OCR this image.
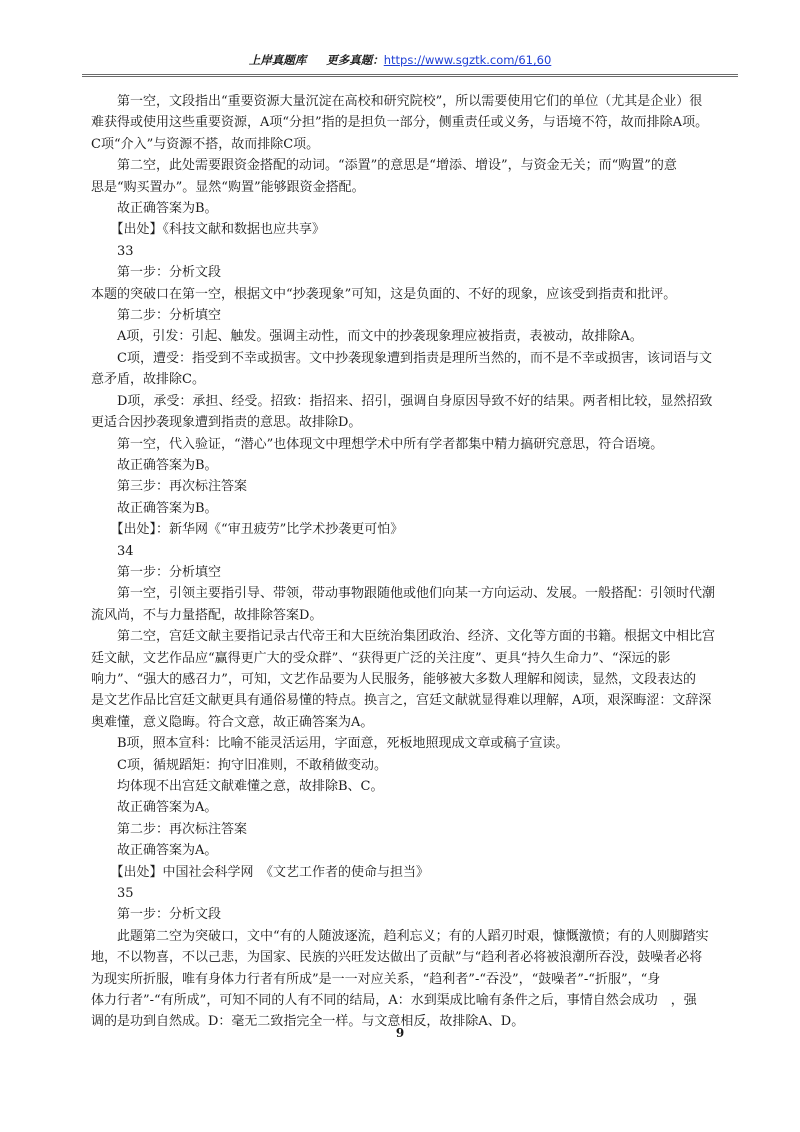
上岸真题库 更多真题：https://www.sgztk.com/61,60
　　第一空，文段指出“重要资源大量沉淀在高校和研究院校”，所以需要使用它们的单位（尤其是企业）很
难获得或使用这些重要资源，A项“分担”指的是担负一部分，侧重责任或义务，与语境不符，故而排除A项。
C项“介入”与资源不搭，故而排除C项。
　　第二空，此处需要跟资金搭配的动词。“添置”的意思是“增添、增设”，与资金无关；而“购置”的意
思是“购买置办”。显然“购置”能够跟资金搭配。
　　故正确答案为B。
　　【出处】《科技文献和数据也应共享》
　　33
　　第一步：分析文段
本题的突破口在第一空，根据文中“抄袭现象”可知，这是负面的、不好的现象，应该受到指责和批评。
　　第二步：分析填空
　　A项，引发：引起、触发。强调主动性，而文中的抄袭现象理应被指责，表被动，故排除A。
　　C项，遭受：指受到不幸或损害。文中抄袭现象遭到指责是理所当然的，而不是不幸或损害，该词语与文
意矛盾，故排除C。
　　D项，承受：承担、经受。招致：指招来、招引，强调自身原因导致不好的结果。两者相比较，显然招致
更适合因抄袭现象遭到指责的意思。故排除D。
　　第一空，代入验证，“潜心”也体现文中理想学术中所有学者都集中精力搞研究意思，符合语境。
　　故正确答案为B。
　　第三步：再次标注答案
　　故正确答案为B。
　　【出处】：新华网《“审丑疲劳”比学术抄袭更可怕》
　　34
　　第一步：分析填空
　　第一空，引领主要指引导、带领，带动事物跟随他或他们向某一方向运动、发展。一般搭配：引领时代潮
流风尚，不与力量搭配，故排除答案D。
　　第二空，宫廷文献主要指记录古代帝王和大臣统治集团政治、经济、文化等方面的书籍。根据文中相比宫
廷文献，文艺作品应“赢得更广大的受众群”、“获得更广泛的关注度”、更具“持久生命力”、“深远的影
响力”、“强大的感召力”，可知，文艺作品要为人民服务，能够被大多数人理解和阅读，显然，文段表达的
是文艺作品比宫廷文献更具有通俗易懂的特点。换言之，宫廷文献就显得难以理解，A项，艰深晦涩：文辞深
奥难懂，意义隐晦。符合文意，故正确答案为A。
　　B项，照本宣科：比喻不能灵活运用，字面意，死板地照现成文章或稿子宣读。
　　C项，循规蹈矩：拘守旧准则，不敢稍做变动。
　　均体现不出宫廷文献难懂之意，故排除B、C。
　　故正确答案为A。
　　第二步：再次标注答案
　　故正确答案为A。
　　【出处】中国社会科学网　《文艺工作者的使命与担当》
　　35
　　第一步：分析文段
　　此题第二空为突破口，文中“有的人随波逐流，趋利忘义；有的人蹈刃时艰，慷慨激愤；有的人则脚踏实
地，不以物喜，不以己悲，为国家、民族的兴旺发达做出了贡献”与“趋利者必将被浪潮所吞没，鼓噪者必将
为现实所折服，唯有身体力行者有所成”是一一对应关系，“趋利者”-“吞没”，“鼓噪者”-“折服”，“身
体力行者”-“有所成”，可知不同的人有不同的结局，A：水到渠成比喻有条件之后，事情自然会成功　，强
调的是功到自然成。D：毫无二致指完全一样。与文意相反，故排除A、D。
9
